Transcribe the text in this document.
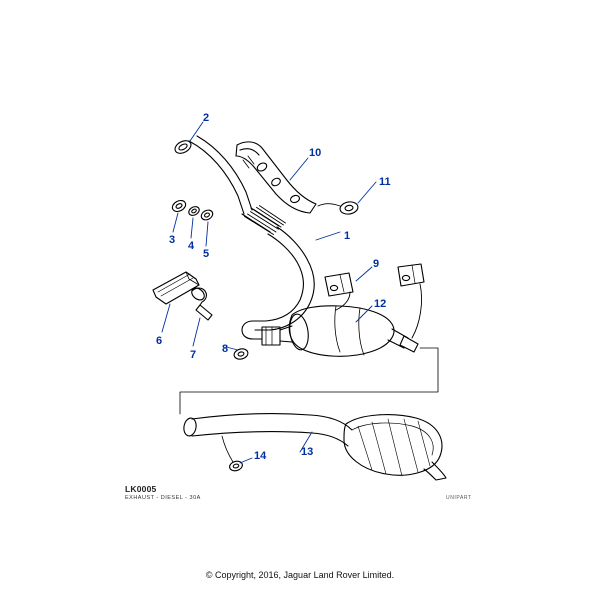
1
2
3 4
5
6
7 8
9
10
11
12
13
14
LK0005
EXHAUST - DIESEL - 30A	UNIPART
© Copyright, 2016, Jaguar Land Rover Limited.
